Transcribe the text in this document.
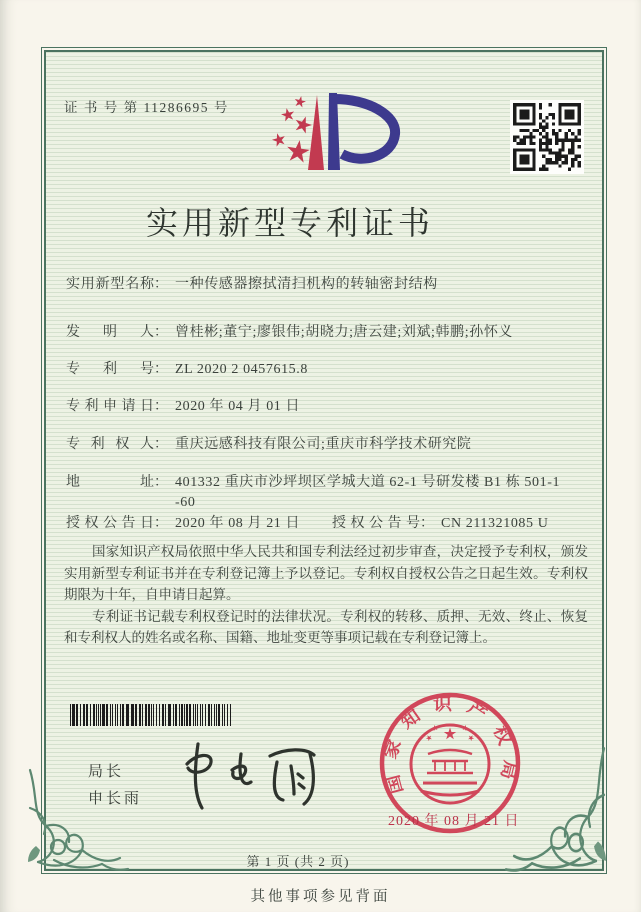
证 书 号 第 11286695 号
实用新型专利证书
实用新型名称 ： 一种传感器擦拭清扫机构的转轴密封结构
发明人 ： 曾桂彬;董宁;廖银伟;胡晓力;唐云建;刘斌;韩鹏;孙怀义
专利号 ： ZL 2020 2 0457615.8
专利申请日 ： 2020 年 04 月 01 日
专利权人 ： 重庆远感科技有限公司;重庆市科学技术研究院
地址 ： 401332 重庆市沙坪坝区学城大道 62-1 号研发楼 B1 栋 501-1
-60
授权公告日 ： 2020 年 08 月 21 日 授权公告号 ： CN 211321085 U

国家知识产权局依照中华人民共和国专利法经过初步审查，决定授予专利权，颁发实用新型专利证书并在专利登记簿上予以登记。专利权自授权公告之日起生效。专利权期限为十年，自申请日起算。

专利证书记载专利权登记时的法律状况。专利权的转移、质押、无效、终止、恢复和专利权人的姓名或名称、国籍、地址变更等事项记载在专利登记簿上。

局长
申长雨
国家知识产权局
2020 年 08 月 21 日
第 1 页 (共 2 页)
其他事项参见背面
